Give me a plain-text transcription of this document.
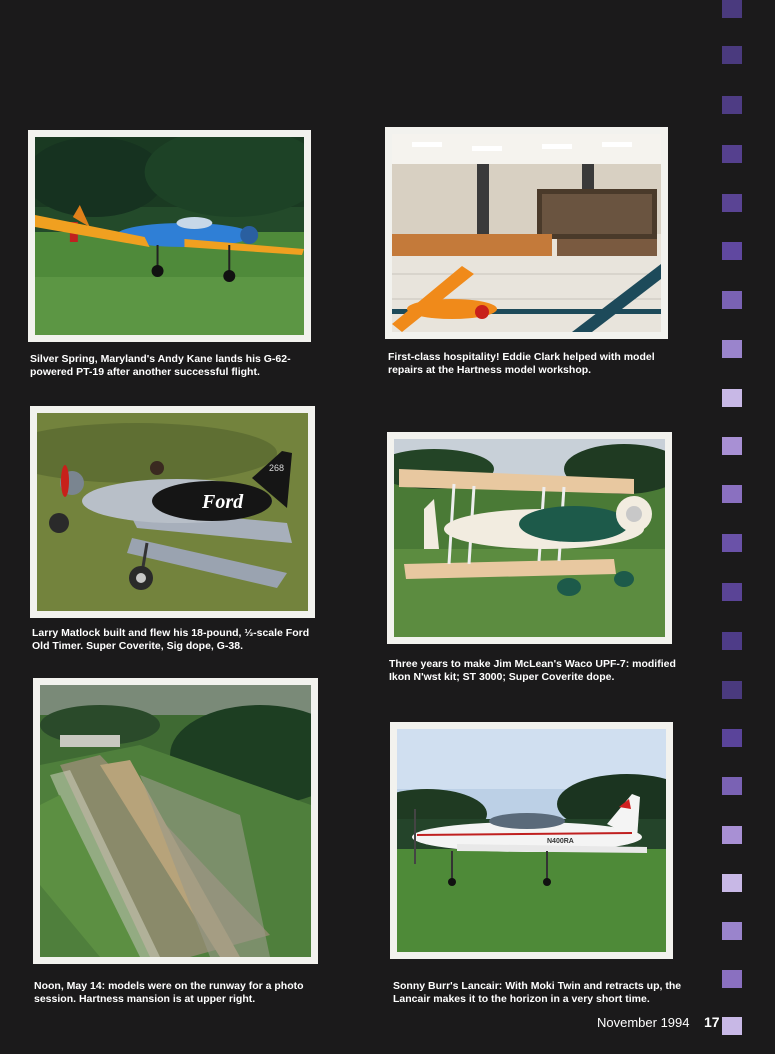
Silver Spring, Maryland's Andy Kane lands his G-62-powered PT-19 after another successful flight.
First-class hospitality! Eddie Clark helped with model repairs at the Hartness model workshop.
Ford
268
Larry Matlock built and flew his 18-pound, ⅓-scale Ford Old Timer. Super Coverite, Sig dope, G-38.
Three years to make Jim McLean's Waco UPF-7: modified Ikon N'wst kit; ST 3000; Super Coverite dope.
Noon, May 14: models were on the runway for a photo session. Hartness mansion is at upper right.
N400RA
Sonny Burr's Lancair: With Moki Twin and retracts up, the Lancair makes it to the horizon in a very short time.
November 1994 17
